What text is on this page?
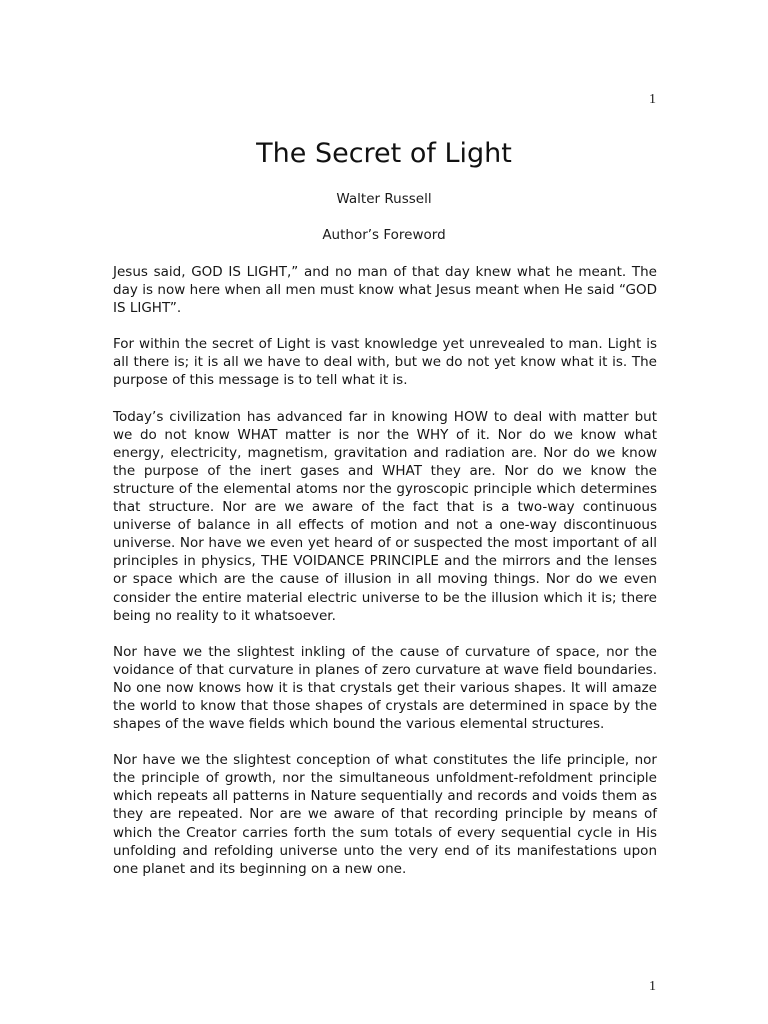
1
The Secret of Light
Walter Russell
Author’s Foreword

Jesus said, GOD IS LIGHT,” and no man of that day knew what he meant. The day is now here when all men must know what Jesus meant when He said “GOD IS LIGHT”.

For within the secret of Light is vast knowledge yet unrevealed to man. Light is all there is; it is all we have to deal with, but we do not yet know what it is. The purpose of this message is to tell what it is.

Today’s civilization has advanced far in knowing HOW to deal with matter but we do not know WHAT matter is nor the WHY of it. Nor do we know what energy, electricity, magnetism, gravitation and radiation are. Nor do we know the purpose of the inert gases and WHAT they are. Nor do we know the structure of the elemental atoms nor the gyroscopic principle which determines that structure. Nor are we aware of the fact that is a two-way continuous universe of balance in all effects of motion and not a one-way discontinuous universe. Nor have we even yet heard of or suspected the most important of all principles in physics, THE VOIDANCE PRINCIPLE and the mirrors and the lenses or space which are the cause of illusion in all moving things. Nor do we even consider the entire material electric universe to be the illusion which it is; there being no reality to it whatsoever.

Nor have we the slightest inkling of the cause of curvature of space, nor the voidance of that curvature in planes of zero curvature at wave field boundaries. No one now knows how it is that crystals get their various shapes. It will amaze the world to know that those shapes of crystals are determined in space by the shapes of the wave fields which bound the various elemental structures.

Nor have we the slightest conception of what constitutes the life principle, nor the principle of growth, nor the simultaneous unfoldment-refoldment principle which repeats all patterns in Nature sequentially and records and voids them as they are repeated. Nor are we aware of that recording principle by means of which the Creator carries forth the sum totals of every sequential cycle in His unfolding and refolding universe unto the very end of its manifestations upon one planet and its beginning on a new one.

1
